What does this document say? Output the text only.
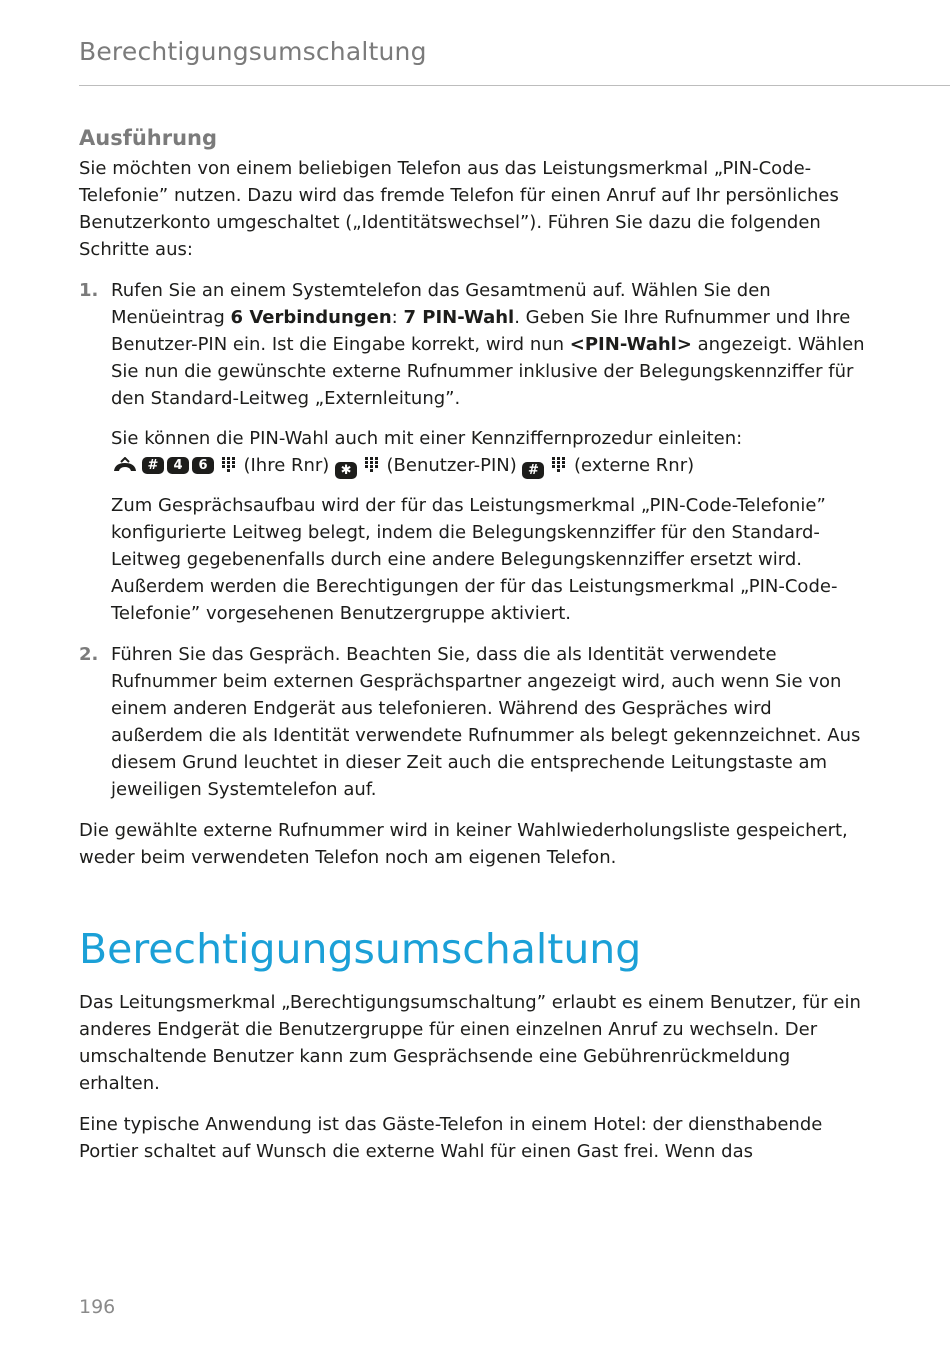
Berechtigungsumschaltung
Ausführung

Sie möchten von einem beliebigen Telefon aus das Leistungsmerkmal „PIN-Code-Telefonie” nutzen. Dazu wird das fremde Telefon für einen Anruf auf Ihr persönliches Benutzerkonto umgeschaltet („Identitätswechsel”). Führen Sie dazu die folgenden Schritte aus:

1. Rufen Sie an einem Systemtelefon das Gesamtmenü auf. Wählen Sie den Menüeintrag 6 Verbindungen: 7 PIN-Wahl. Geben Sie Ihre Rufnummer und Ihre Benutzer-PIN ein. Ist die Eingabe korrekt, wird nun <PIN-Wahl> angezeigt. Wählen Sie nun die gewünschte externe Rufnummer inklusive der Belegungskennziffer für den Standard-Leitweg „Externleitung”.

Sie können die PIN-Wahl auch mit einer Kennziffernprozedur einleiten:

#	4	6	(Ihre Rnr) ✱  (Benutzer-PIN) #  (externe Rnr)

Zum Gesprächsaufbau wird der für das Leistungsmerkmal „PIN-Code-Telefonie” konfigurierte Leitweg belegt, indem die Belegungskennziffer für den Standard-Leitweg gegebenenfalls durch eine andere Belegungskennziffer ersetzt wird. Außerdem werden die Berechtigungen der für das Leistungsmerkmal „PIN-Code-Telefonie” vorgesehenen Benutzergruppe aktiviert.

2. Führen Sie das Gespräch. Beachten Sie, dass die als Identität verwendete Rufnummer beim externen Gesprächspartner angezeigt wird, auch wenn Sie von einem anderen Endgerät aus telefonieren. Während des Gespräches wird außerdem die als Identität verwendete Rufnummer als belegt gekennzeichnet. Aus diesem Grund leuchtet in dieser Zeit auch die entsprechende Leitungstaste am jeweiligen Systemtelefon auf.

Die gewählte externe Rufnummer wird in keiner Wahlwiederholungsliste gespeichert, weder beim verwendeten Telefon noch am eigenen Telefon.

Berechtigungsumschaltung

Das Leitungsmerkmal „Berechtigungsumschaltung” erlaubt es einem Benutzer, für ein anderes Endgerät die Benutzergruppe für einen einzelnen Anruf zu wechseln. Der umschaltende Benutzer kann zum Gesprächsende eine Gebührenrückmeldung erhalten.

Eine typische Anwendung ist das Gäste-Telefon in einem Hotel: der diensthabende Portier schaltet auf Wunsch die externe Wahl für einen Gast frei. Wenn das

196
